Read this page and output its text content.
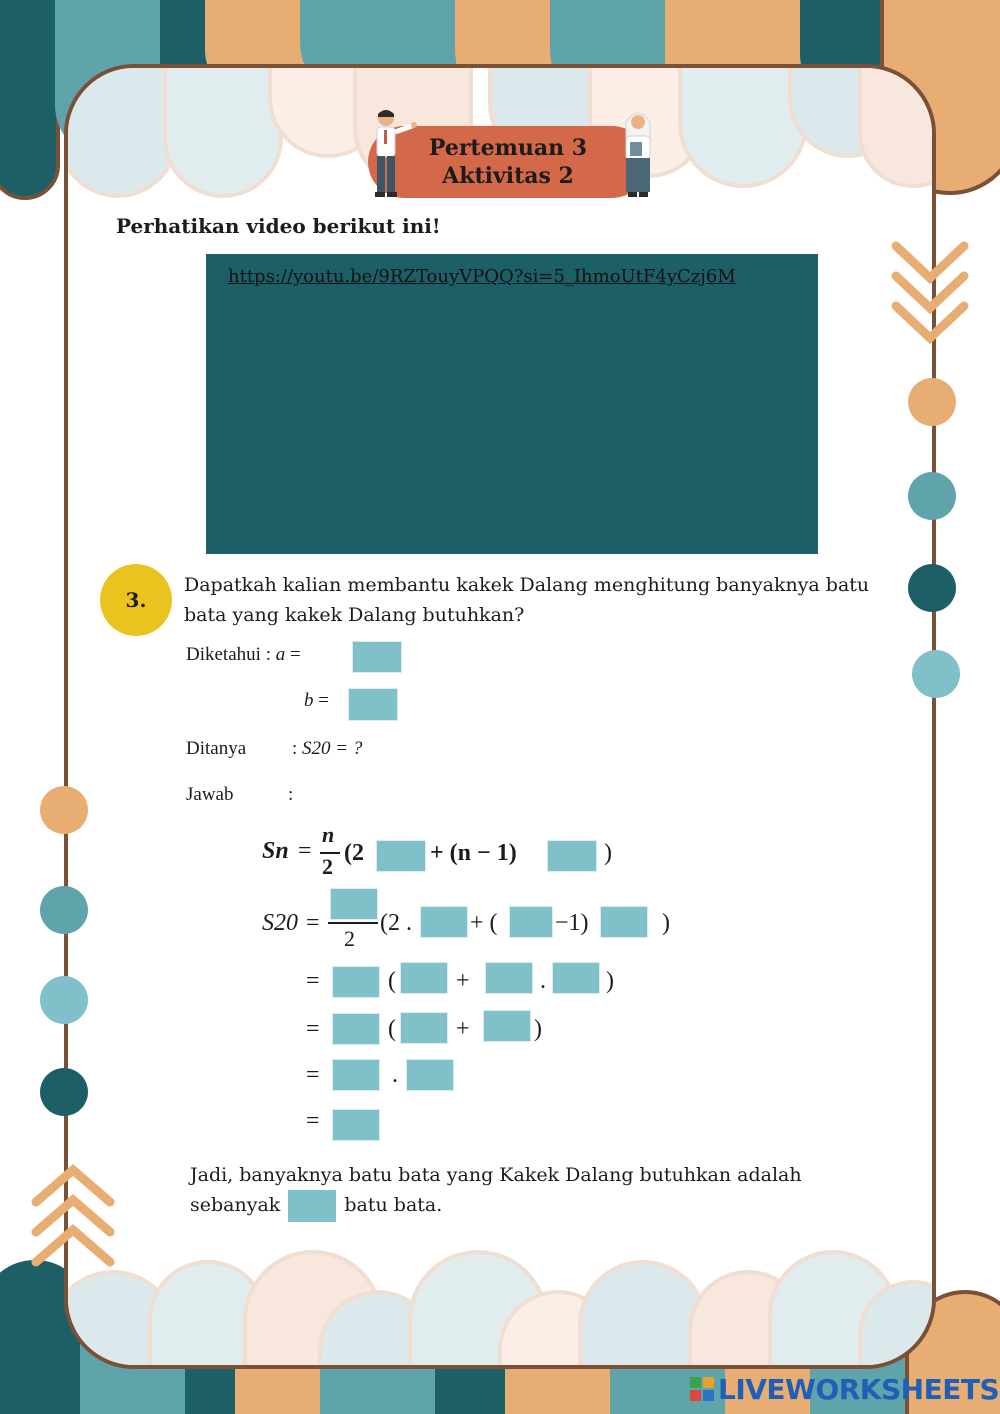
Pertemuan 3
Aktivitas 2
Perhatikan video berikut ini!
https://youtu.be/9RZTouyVPQQ?si=5_IhmoUtF4yCzj6M
3.
Dapatkah kalian membantu kakek Dalang menghitung banyaknya batu bata yang kakek Dalang butuhkan?
Diketahui : a =
b =
Ditanya : S20 = ?
Jawab	:
Sn =
n
2
(2	+ (n − 1)	)
S20 =
2
(2 . + ( −1)	)
=	(	+	.	)
=	(	+	)
=	.
=
Jadi, banyaknya batu bata yang Kakek Dalang butuhkan adalah sebanyak	batu bata.
LIVEWORKSHEETS
